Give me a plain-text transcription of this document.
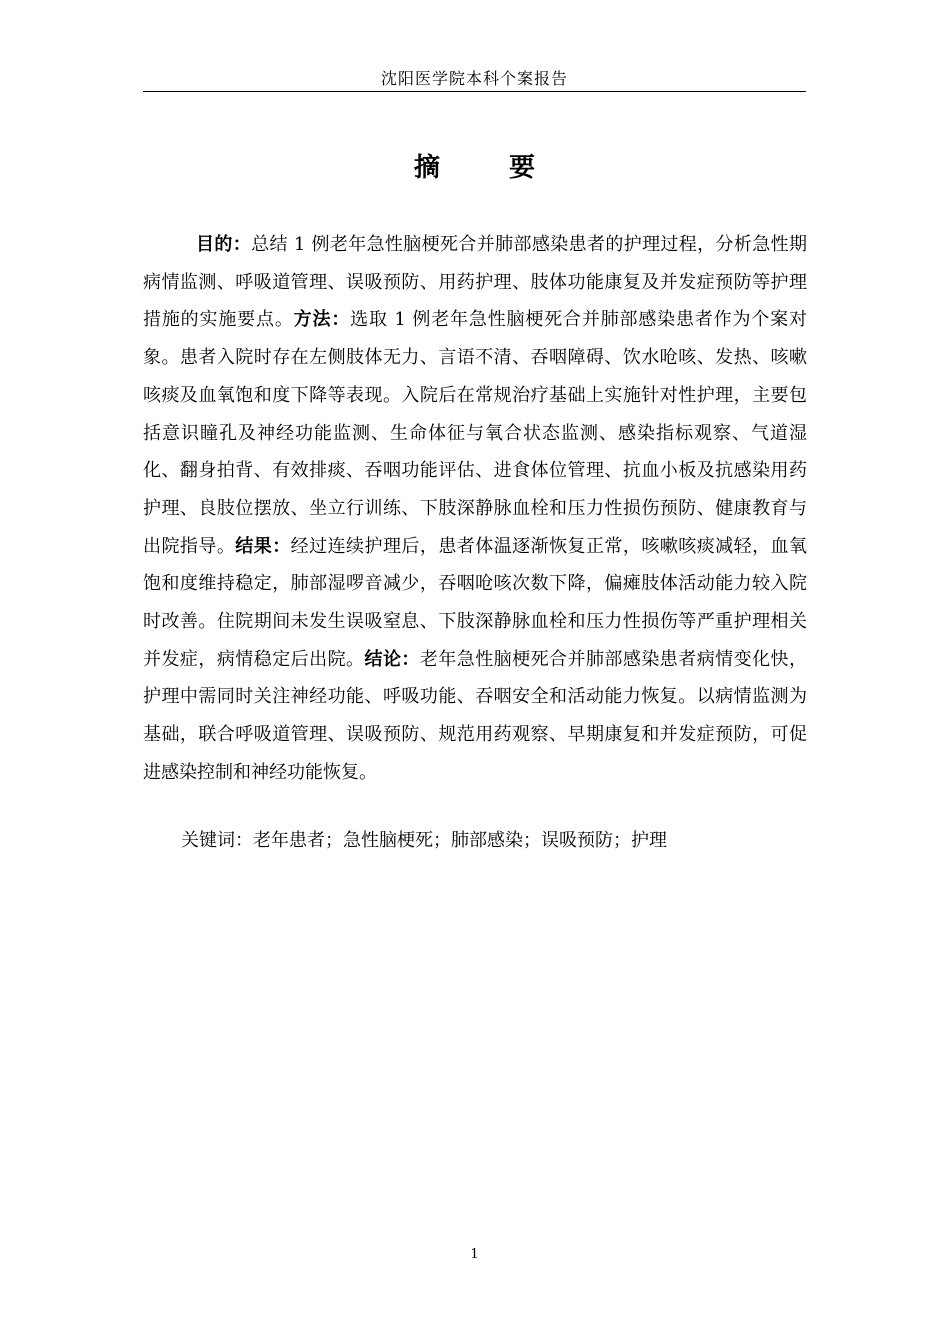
沈阳医学院本科个案报告
摘 要

目的：总结 1 例老年急性脑梗死合并肺部感染患者的护理过程，分析急性期病情监测、呼吸道管理、误吸预防、用药护理、肢体功能康复及并发症预防等护理措施的实施要点。方法：选取 1 例老年急性脑梗死合并肺部感染患者作为个案对象。患者入院时存在左侧肢体无力、言语不清、吞咽障碍、饮水呛咳、发热、咳嗽咳痰及血氧饱和度下降等表现。入院后在常规治疗基础上实施针对性护理，主要包括意识瞳孔及神经功能监测、生命体征与氧合状态监测、感染指标观察、气道湿化、翻身拍背、有效排痰、吞咽功能评估、进食体位管理、抗血小板及抗感染用药护理、良肢位摆放、坐立行训练、下肢深静脉血栓和压力性损伤预防、健康教育与出院指导。结果：经过连续护理后，患者体温逐渐恢复正常，咳嗽咳痰减轻，血氧饱和度维持稳定，肺部湿啰音减少，吞咽呛咳次数下降，偏瘫肢体活动能力较入院时改善。住院期间未发生误吸窒息、下肢深静脉血栓和压力性损伤等严重护理相关并发症，病情稳定后出院。结论：老年急性脑梗死合并肺部感染患者病情变化快，护理中需同时关注神经功能、呼吸功能、吞咽安全和活动能力恢复。以病情监测为基础，联合呼吸道管理、误吸预防、规范用药观察、早期康复和并发症预防，可促进感染控制和神经功能恢复。

关键词：老年患者；急性脑梗死；肺部感染；误吸预防；护理

1
